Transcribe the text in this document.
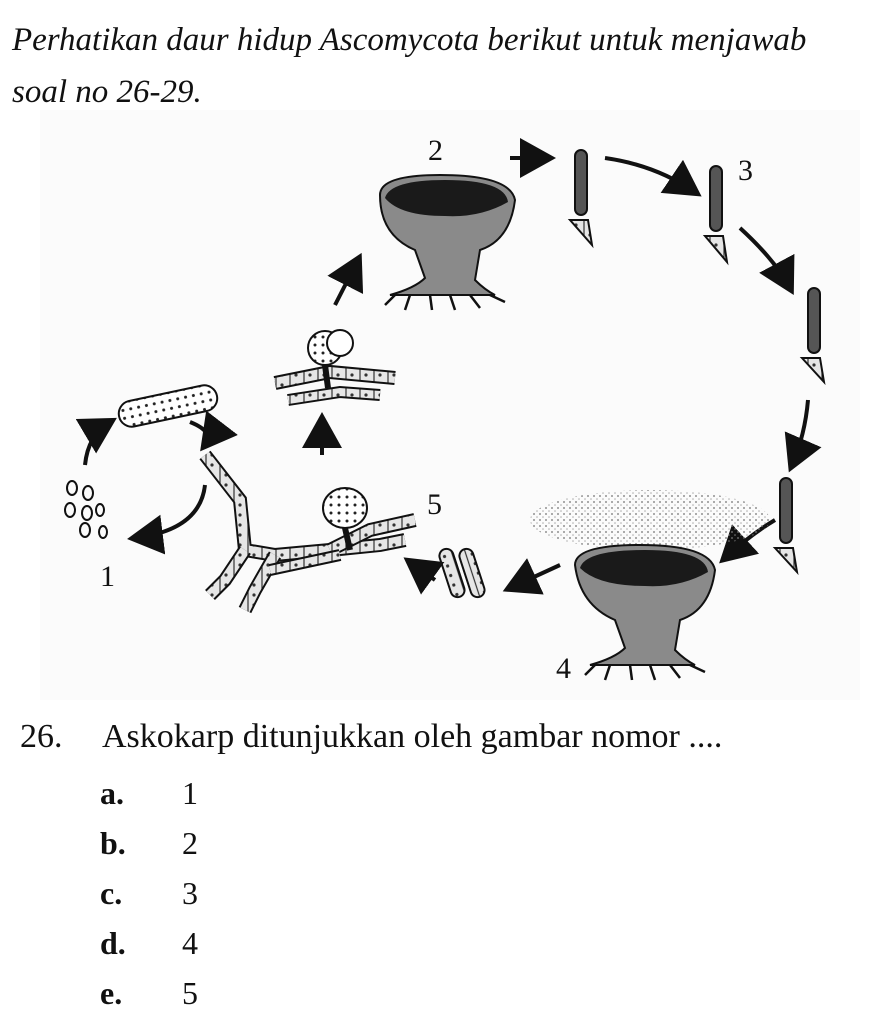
Perhatikan daur hidup Ascomycota berikut untuk menjawab
soal no 26-29.
1
5
2
3
4
26. Askokarp ditunjukkan oleh gambar nomor ....
a. 1
b. 2
c. 3
d. 4
e. 5
